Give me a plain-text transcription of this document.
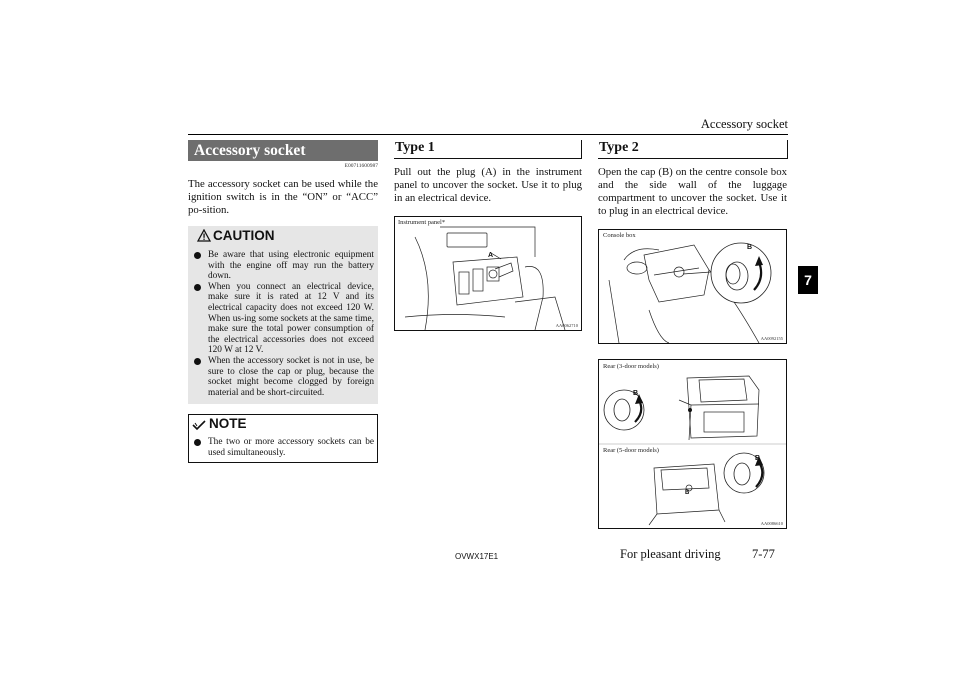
Accessory socket
7
Accessory socket
E00711600987
The accessory socket can be used while the ignition switch is in the “ON” or “ACC” po-sition.
CAUTION
Be aware that using electronic equipment with the engine off may run the battery down.
When you connect an electrical device, make sure it is rated at 12 V and its electrical capacity does not exceed 120 W. When us-ing some sockets at the same time, make sure the total power consumption of the electrical accessories does not exceed 120 W at 12 V.
When the accessory socket is not in use, be sure to close the cap or plug, because the socket might become clogged by foreign material and be short-circuited.
NOTE
The two or more accessory sockets can be used simultaneously.
Type 1
Pull out the plug (A) in the instrument panel to uncover the socket. Use it to plug in an electrical device.
A
Instrument panel*
AA0062710
Type 2
Open the cap (B) on the centre console box and the side wall of the luggage compartment to uncover the socket. Use it to plug in an electrical device.
B
Console box
AA0092155
B
B
B
Rear (3-door models)
Rear (5-door models)
AA0086610
OVWX17E1	For pleasant driving	7-77
